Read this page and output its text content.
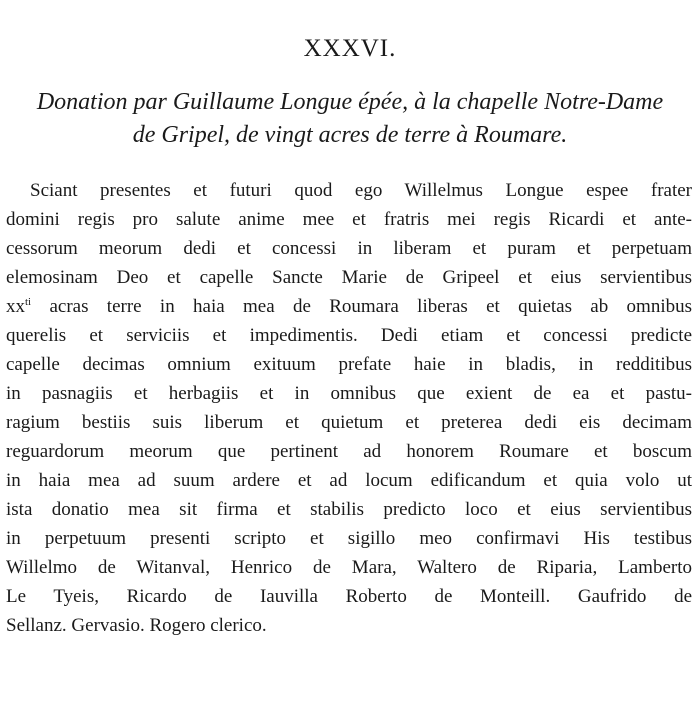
XXXVI.
Donation par Guillaume Longue épée, à la chapelle Notre-Dame
de Gripel, de vingt acres de terre à Roumare.
Sciant presentes et futuri quod ego Willelmus Longue espee frater
domini regis pro salute anime mee et fratris mei regis Ricardi et ante-
cessorum meorum dedi et concessi in liberam et puram et perpetuam
elemosinam Deo et capelle Sancte Marie de Gripeel et eius servientibus
$xx^{ti}$ acras terre in haia mea de Roumara liberas et quietas ab omnibus
querelis et serviciis et impedimentis. Dedi etiam et concessi predicte
capelle decimas omnium exituum prefate haie in bladis, in redditibus
in pasnagiis et herbagiis et in omnibus que exient de ea et pastu-
ragium bestiis suis liberum et quietum et preterea dedi eis decimam
reguardorum meorum que pertinent ad honorem Roumare et boscum
in haia mea ad suum ardere et ad locum edificandum et quia volo ut
ista donatio mea sit firma et stabilis predicto loco et eius servientibus
in perpetuum presenti scripto et sigillo meo confirmavi His testibus
Willelmo de Witanval, Henrico de Mara, Waltero de Riparia, Lamberto
Le Tyeis, Ricardo de Iauvilla Roberto de Monteill. Gaufrido de
Sellanz. Gervasio. Rogero clerico.
